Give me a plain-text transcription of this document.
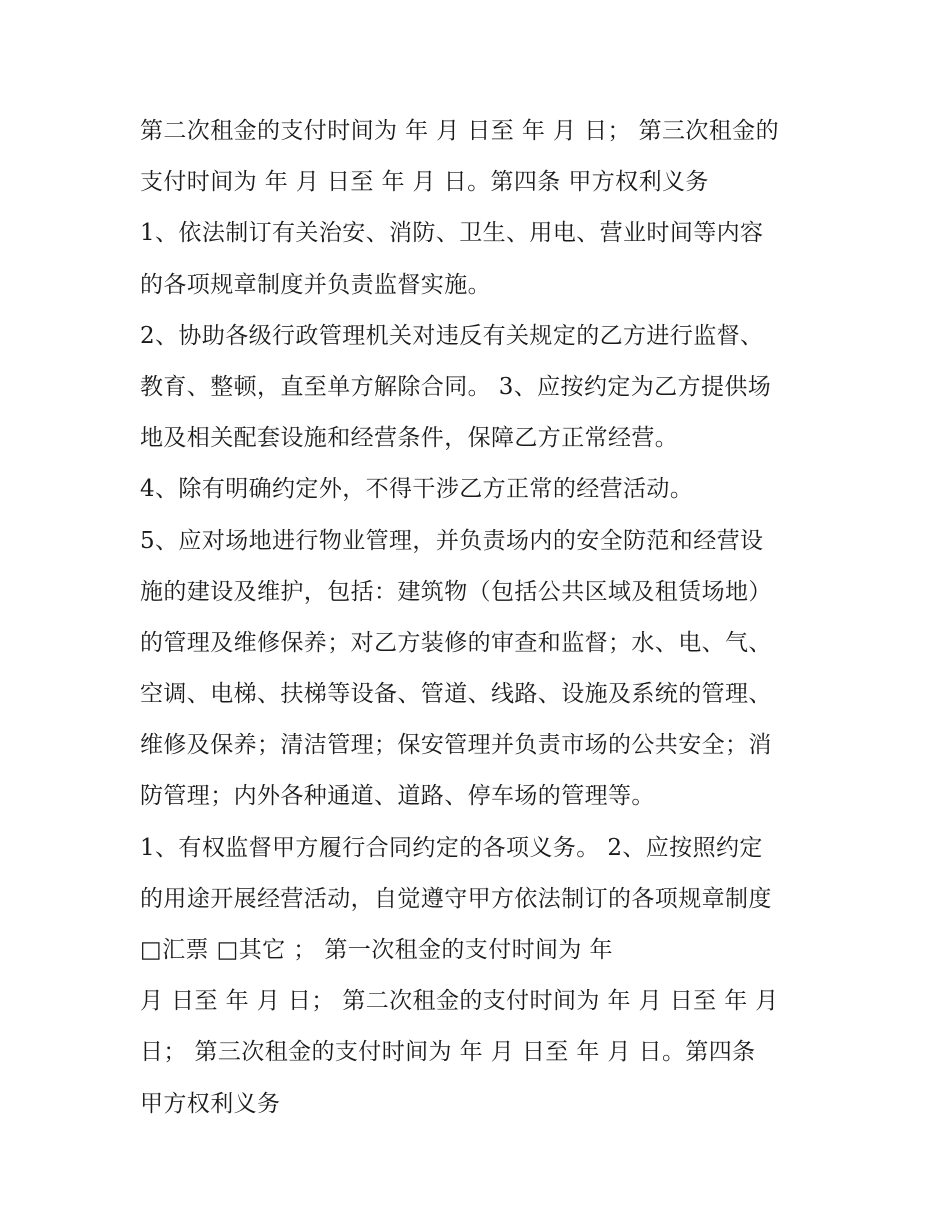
第二次租金的支付时间为 年 月 日至 年 月 日； 第三次租金的
支付时间为 年 月 日至 年 月 日。第四条 甲方权利义务
1、依法制订有关治安、消防、卫生、用电、营业时间等内容
的各项规章制度并负责监督实施。
2、协助各级行政管理机关对违反有关规定的乙方进行监督、
教育、整顿，直至单方解除合同。 3、应按约定为乙方提供场
地及相关配套设施和经营条件，保障乙方正常经营。
4、除有明确约定外，不得干涉乙方正常的经营活动。
5、应对场地进行物业管理，并负责场内的安全防范和经营设
施的建设及维护，包括：建筑物（包括公共区域及租赁场地）
的管理及维修保养；对乙方装修的审查和监督；水、电、气、
空调、电梯、扶梯等设备、管道、线路、设施及系统的管理、
维修及保养；清洁管理；保安管理并负责市场的公共安全；消
防管理；内外各种通道、道路、停车场的管理等。
1、有权监督甲方履行合同约定的各项义务。 2、应按照约定
的用途开展经营活动，自觉遵守甲方依法制订的各项规章制度
□汇票 □其它 ； 第一次租金的支付时间为 年
月 日至 年 月 日； 第二次租金的支付时间为 年 月 日至 年 月
日； 第三次租金的支付时间为 年 月 日至 年 月 日。第四条
甲方权利义务
